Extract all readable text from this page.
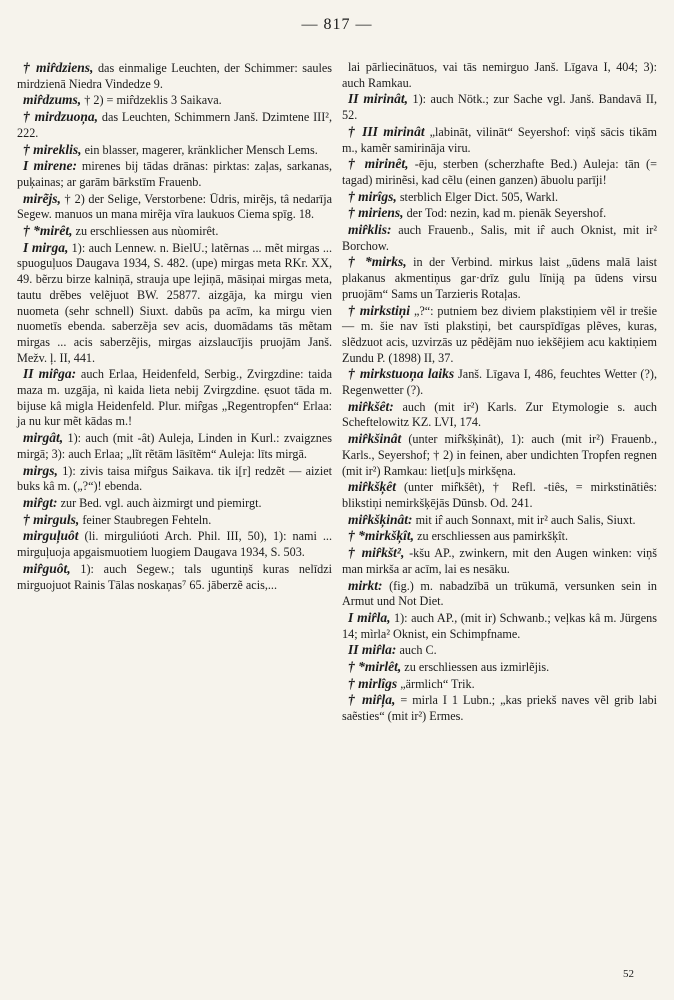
— 817 —

† mir̂dziens, das einmalige Leuchten, der Schimmer: saules mirdzienā Niedra Vindedze 9.

mir̂dzums, † 2) = mir̂dzeklis 3 Saikava.

† mirdzuoņa, das Leuchten, Schimmern Janš. Dzimtene III², 222.

† mireklis, ein blasser, magerer, kränklicher Mensch Lems.

I mirene: mirenes bij tādas drānas: pirktas: zaļas, sarkanas, puķainas; ar garām bārkstīm Frauenb.

mirẽjs, † 2) der Selige, Verstorbene: Ūdris, mirẽjs, tâ nedarīja Segew. manuos un mana mirẽja vīra laukuos Ciema spīg. 18.

† *mirêt, zu erschliessen aus nùomirêt.

I mirga, 1): auch Lennew. n. BielU.; latẽrnas ... mẽt mirgas ... spuoguļuos Daugava 1934, S. 482. (upe) mirgas meta RKr. XX, 49. bẽrzu birze kalniņā, strauja upe lejiņā, māsiņai mirgas meta, tautu drẽbes velẽjuot BW. 25877. aizgāja, ka mirgu vien nuometa (sehr schnell) Siuxt. dabũs pa acīm, ka mirgu vien nuometīs ebenda. saberzẽja sev acis, duomādams tās mẽtam mirgas ... acis saberzẽjis, mirgas aizslaucījis pruojām Janš. Mežv. ļ. II, 441.

II mir̂ga: auch Erlaa, Heidenfeld, Serbig., Zvirgzdine: taida maza m. uzgāja, nì kaida lieta nebij Zvirgzdine. ęsuot tāda m. bijuse kâ migla Heidenfeld. Plur. mir̂gas „Regentropfen“ Erlaa: ja nu kur mẽt kādas m.!

mirgât, 1): auch (mit -ât) Auleja, Linden in Kurl.: zvaigznes mirgā; 3): auch Erlaa; „lĩt rẽtām lāsītẽm“ Auleja: līts mirgā.

mirgs, 1): zivis taisa mir̂gus Saikava. tik i[r] redzẽt — aiziet buks kâ m. („?“)! ebenda.

mir̂gt: zur Bed. vgl. auch àizmirgt und piemirgt.

† mirguls, feiner Staubregen Fehteln.

mirguļuôt (li. mirguliúoti Arch. Phil. III, 50), 1): nami ... mirguļuoja apgaismuotiem luogiem Daugava 1934, S. 503.

mir̂guôt, 1): auch Segew.; tals uguntiņš kuras nelīdzi mirguojuot Rainis Tālas noskaņas⁷ 65. jāberzẽ acis,...

lai pārliecinātuos, vai tās nemirguo Janš. Līgava I, 404; 3): auch Ramkau.

II mirinât, 1): auch Nötk.; zur Sache vgl. Janš. Bandavā II, 52.

† III mirinât „labināt, vilināt“ Seyershof: viņš sācis tikām m., kamẽr samirināja viru.

† mirinêt, -ēju, sterben (scherzhafte Bed.) Auleja: tān (= tagad) mirinẽsi, kad cẽlu (einen ganzen) ābuolu parīji!

† mirîgs, sterblich Elger Dict. 505, Warkl.

† miriens, der Tod: nezin, kad m. pienāk Seyershof.

mir̂klis: auch Frauenb., Salis, mit ir̂ auch Oknist, mit ir² Borchow.

† *mirks, in der Verbind. mirkus laist „ūdens malā laist plakanus akmentiņus gar·drīz gulu līniją pa ūdens virsu pruojām“ Sams un Tarzieris Rotaļas.

† mirkstiņi „?“: putniem bez diviem plakstiņiem vẽl ir trešie — m. šie nav īsti plakstiņi, bet caurspīdīgas plẽves, kuras, slẽdzuot acis, uzvirzās uz pẽdẽjām nuo iekšẽjiem acu kaktiņiem Zundu P. (1898) II, 37.

† mirkstuoņa laiks Janš. Līgava I, 486, feuchtes Wetter (?), Regenwetter (?).

mir̂kšêt: auch (mit ir²) Karls. Zur Etymologie s. auch Scheftelowitz KZ. LVI, 174.

mir̂kšinât (unter mir̂kšķinât), 1): auch (mit ir²) Frauenb., Karls., Seyershof; † 2) in feinen, aber undichten Tropfen regnen (mit ir²) Ramkau: liet[u]s mirkšęna.

mir̂kšķêt (unter mir̂kšêt), † Refl. -tiês, = mirkstinātiês: blikstiņi nemirkšķējās Dūnsb. Od. 241.

mir̂kšķinât: mit ir̂ auch Sonnaxt, mit ir² auch Salis, Siuxt.

† *mirkšķît, zu erschliessen aus pamirkšķît.

† mir̂kšt², -kšu AP., zwinkern, mit den Augen winken: viņš man mirkša ar acīm, lai es nesāku.

mirkt: (fig.) m. nabadzībā un trūkumā, versunken sein in Armut und Not Diet.

I mir̂la, 1): auch AP., (mit ir) Schwanb.; veļkas kâ m. Jürgens 14; mìrla² Oknist, ein Schimpfname.

II mir̂la: auch C.

† *mirlêt, zu erschliessen aus izmirlẽjis.

† mirlîgs „ärmlich“ Trik.

† mir̂ļa, = mirla I 1 Lubn.; „kas priekš naves vẽl grib labi saẽsties“ (mit ir²) Ermes.

52
